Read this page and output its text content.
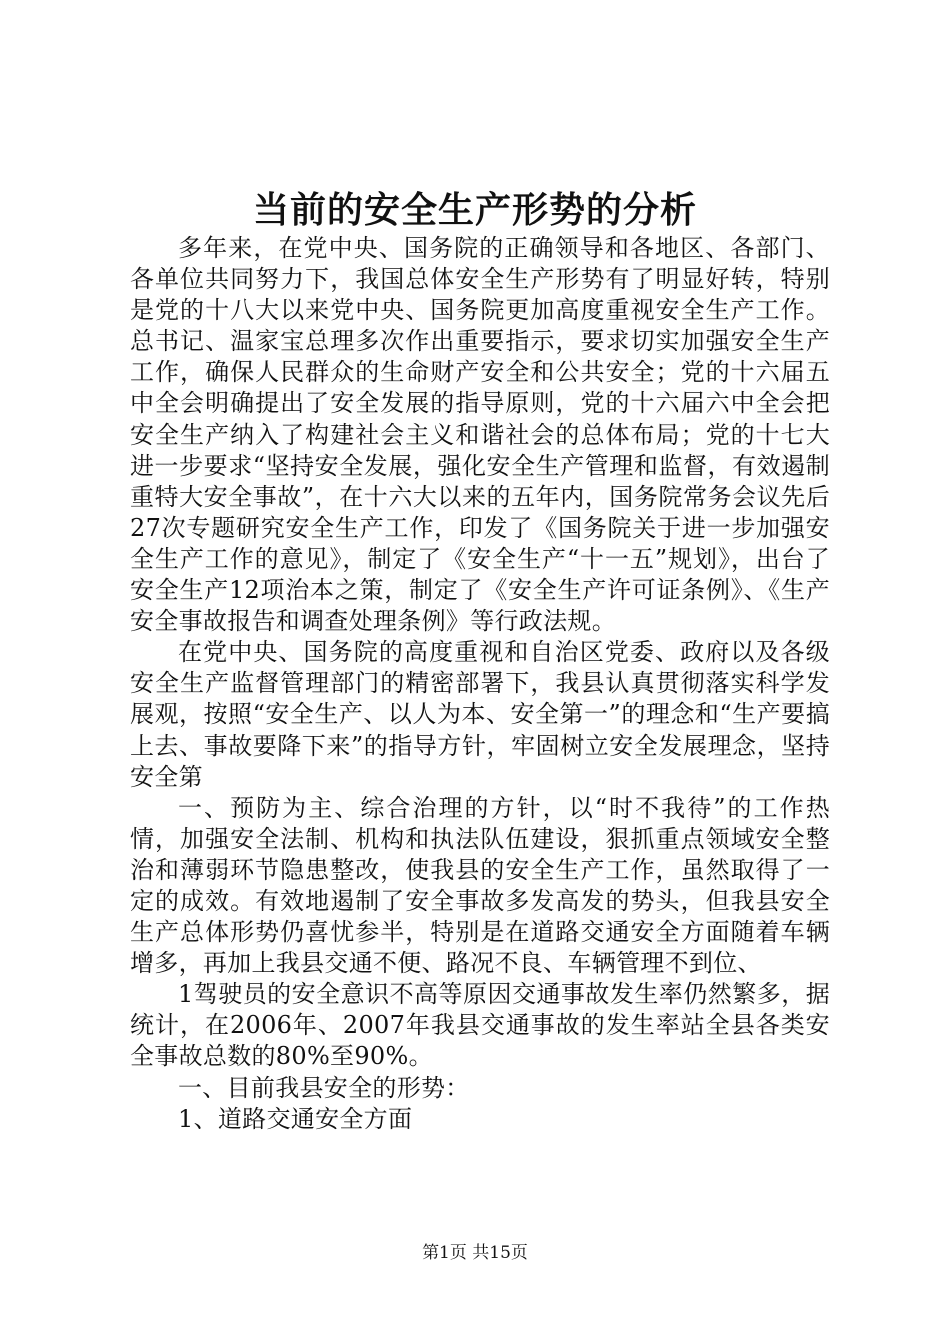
当前的安全生产形势的分析

多年来，在党中央、国务院的正确领导和各地区、各部门、各单位共同努力下，我国总体安全生产形势有了明显好转，特别是党的十八大以来党中央、国务院更加高度重视安全生产工作。总书记、温家宝总理多次作出重要指示，要求切实加强安全生产工作，确保人民群众的生命财产安全和公共安全；党的十六届五中全会明确提出了安全发展的指导原则，党的十六届六中全会把安全生产纳入了构建社会主义和谐社会的总体布局；党的十七大进一步要求“坚持安全发展，强化安全生产管理和监督，有效遏制重特大安全事故”，在十六大以来的五年内，国务院常务会议先后27次专题研究安全生产工作，印发了《国务院关于进一步加强安全生产工作的意见》，制定了《安全生产“十一五”规划》，出台了安全生产12项治本之策，制定了《安全生产许可证条例》、《生产安全事故报告和调查处理条例》等行政法规。

在党中央、国务院的高度重视和自治区党委、政府以及各级安全生产监督管理部门的精密部署下，我县认真贯彻落实科学发展观，按照“安全生产、以人为本、安全第一”的理念和“生产要搞上去、事故要降下来”的指导方针，牢固树立安全发展理念，坚持安全第

一、预防为主、综合治理的方针，以“时不我待”的工作热情，加强安全法制、机构和执法队伍建设，狠抓重点领域安全整治和薄弱环节隐患整改，使我县的安全生产工作，虽然取得了一定的成效。有效地遏制了安全事故多发高发的势头，但我县安全生产总体形势仍喜忧参半，特别是在道路交通安全方面随着车辆增多，再加上我县交通不便、路况不良、车辆管理不到位、

1驾驶员的安全意识不高等原因交通事故发生率仍然繁多，据统计，在2006年、2007年我县交通事故的发生率站全县各类安全事故总数的80%至90%。

一、目前我县安全的形势：

1、道路交通安全方面

第1页 共15页
